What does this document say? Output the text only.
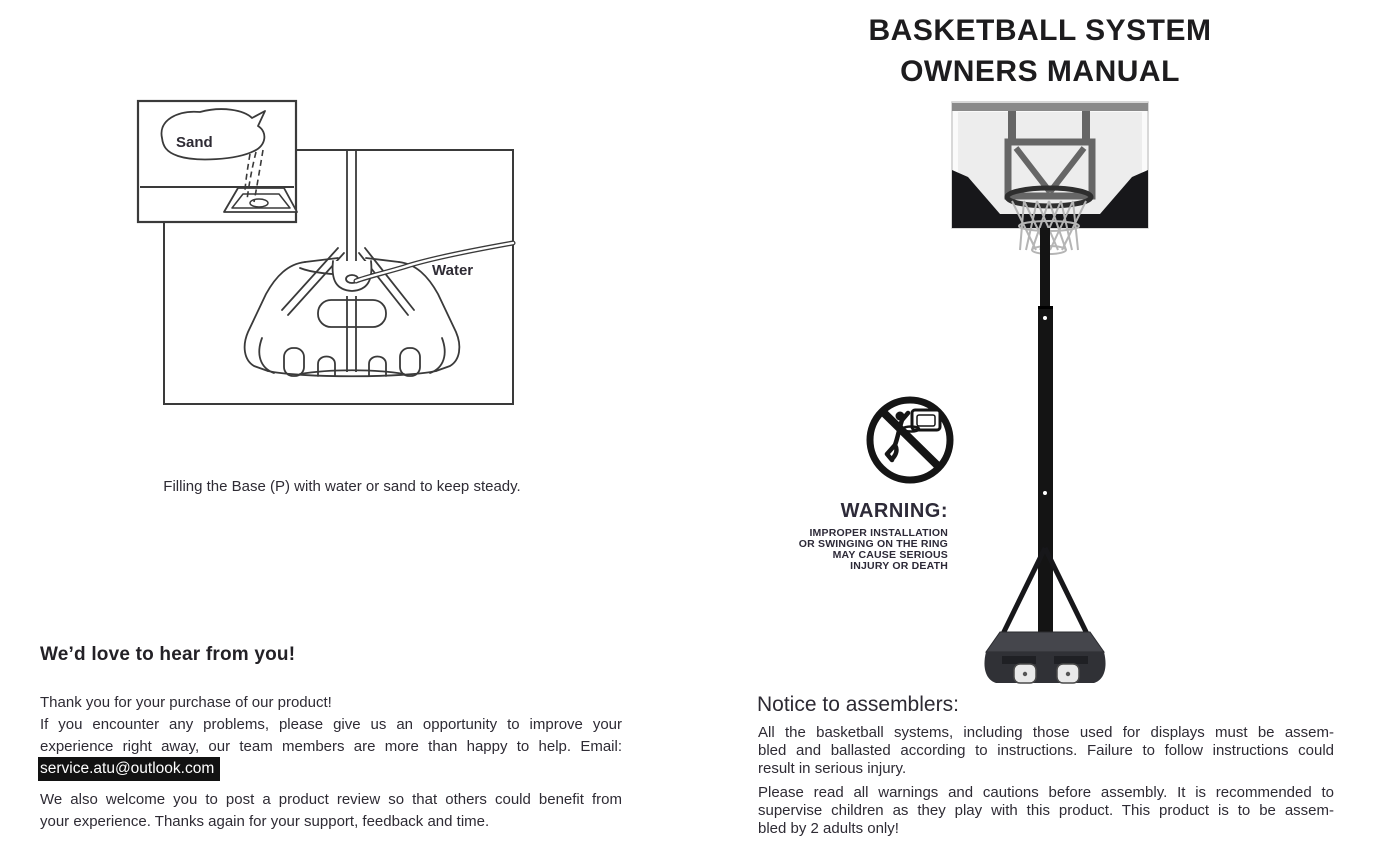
BASKETBALL SYSTEM
OWNERS MANUAL
Water
Sand
Filling the Base (P) with water or sand to keep steady.
We’d love to hear from you!
Thank you for your purchase of our product!
If you encounter any problems, please give us an opportunity to improve your
experience right away, our team members are more than happy to help. Email:
service.atu@outlook.com
We also welcome you to post a product review so that others could benefit from
your experience. Thanks again for your support, feedback and time.
WARNING:
IMPROPER INSTALLATION
OR SWINGING ON THE RING
MAY CAUSE SERIOUS
INJURY OR DEATH
Notice to assemblers:
All the basketball systems, including those used for displays must be assem-
bled and ballasted according to instructions. Failure to follow instructions could
result in serious injury.
Please read all warnings and cautions before assembly. It is recommended to
supervise children as they play with this product. This product is to be assem-
bled by 2 adults only!
